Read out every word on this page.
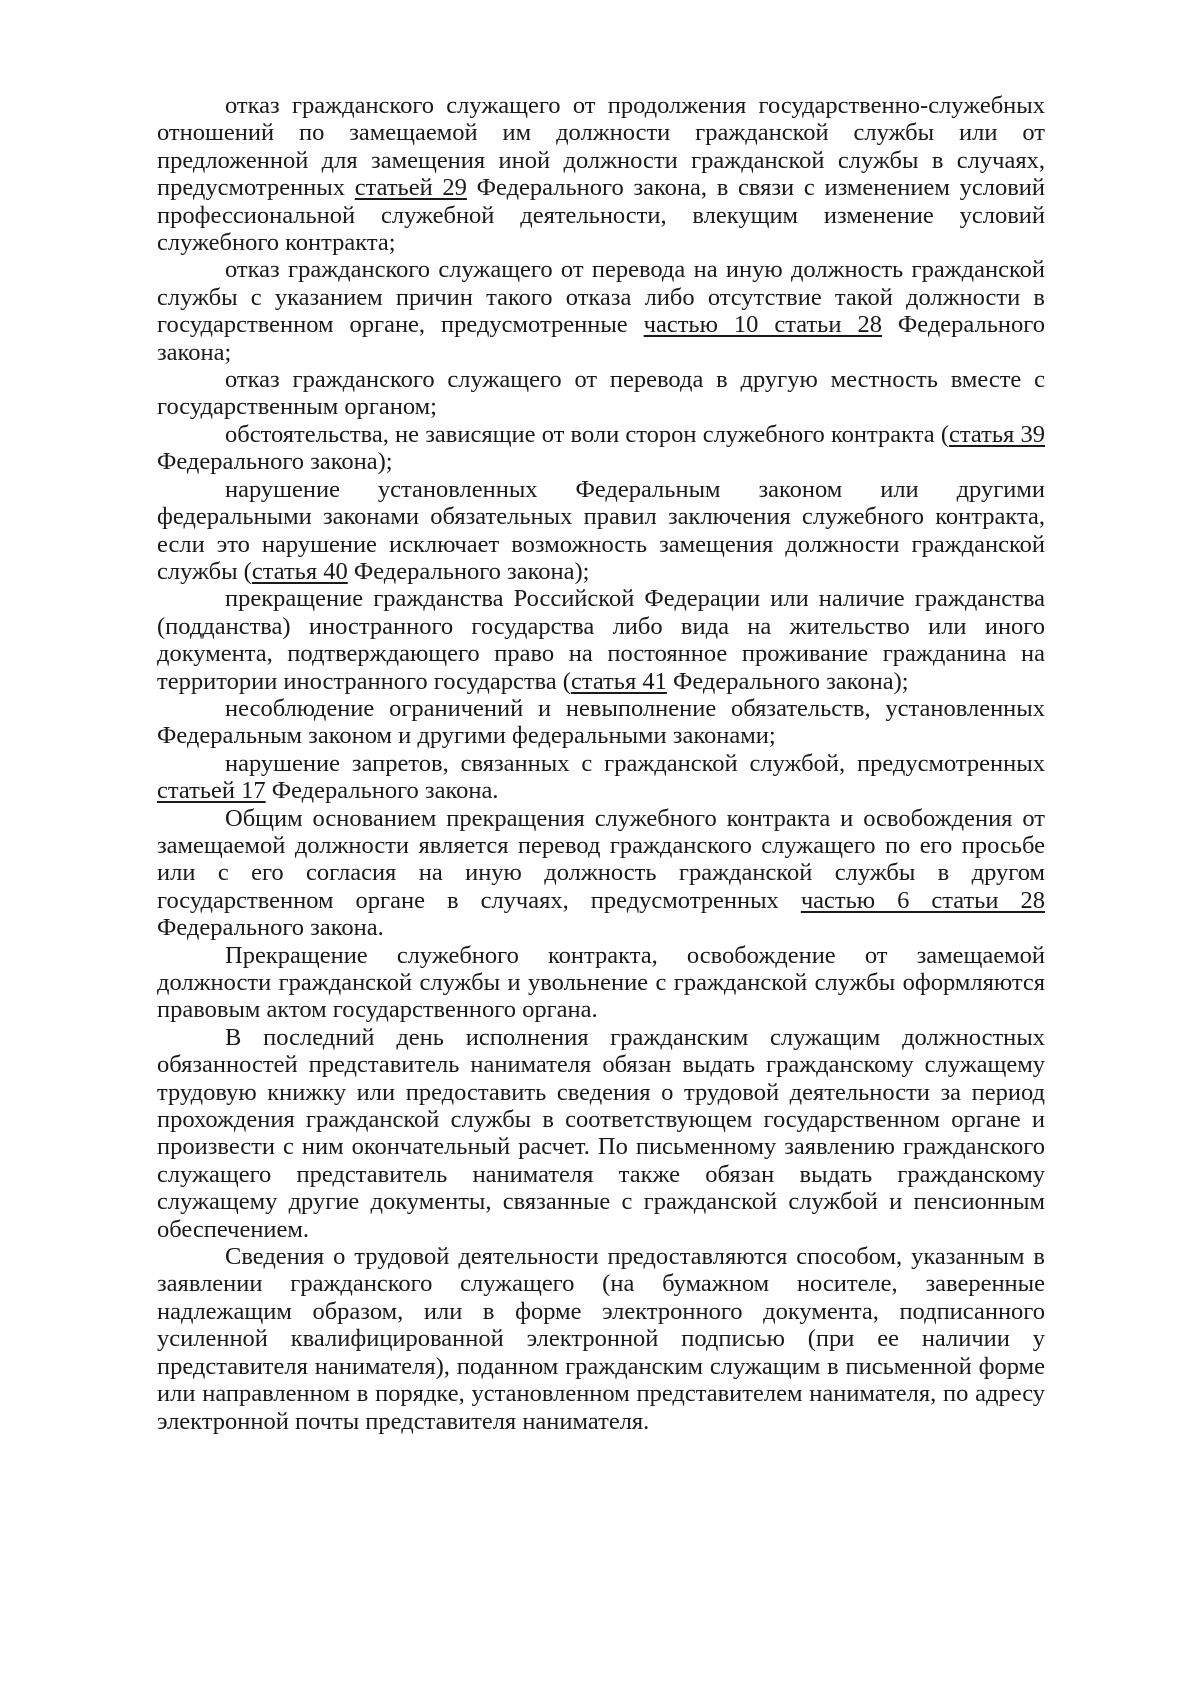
отказ гражданского служащего от продолжения государственно-служебных отношений по замещаемой им должности гражданской службы или от предложенной для замещения иной должности гражданской службы в случаях, предусмотренных статьей 29 Федерального закона, в связи с изменением условий профессиональной служебной деятельности, влекущим изменение условий служебного контракта;

отказ гражданского служащего от перевода на иную должность гражданской службы с указанием причин такого отказа либо отсутствие такой должности в государственном органе, предусмотренные частью 10 статьи 28 Федерального закона;

отказ гражданского служащего от перевода в другую местность вместе с государственным органом;

обстоятельства, не зависящие от воли сторон служебного контракта (статья 39 Федерального закона);

нарушение установленных Федеральным законом или другими федеральными законами обязательных правил заключения служебного контракта, если это нарушение исключает возможность замещения должности гражданской службы (статья 40 Федерального закона);

прекращение гражданства Российской Федерации или наличие гражданства (подданства) иностранного государства либо вида на жительство или иного документа, подтверждающего право на постоянное проживание гражданина на территории иностранного государства (статья 41 Федерального закона);

несоблюдение ограничений и невыполнение обязательств, установленных Федеральным законом и другими федеральными законами;

нарушение запретов, связанных с гражданской службой, предусмотренных статьей 17 Федерального закона.

Общим основанием прекращения служебного контракта и освобождения от замещаемой должности является перевод гражданского служащего по его просьбе или с его согласия на иную должность гражданской службы в другом государственном органе в случаях, предусмотренных частью 6 статьи 28 Федерального закона.

Прекращение служебного контракта, освобождение от замещаемой должности гражданской службы и увольнение с гражданской службы оформляются правовым актом государственного органа.

В последний день исполнения гражданским служащим должностных обязанностей представитель нанимателя обязан выдать гражданскому служащему трудовую книжку или предоставить сведения о трудовой деятельности за период прохождения гражданской службы в соответствующем государственном органе и произвести с ним окончательный расчет. По письменному заявлению гражданского служащего представитель нанимателя также обязан выдать гражданскому служащему другие документы, связанные с гражданской службой и пенсионным обеспечением.

Сведения о трудовой деятельности предоставляются способом, указанным в заявлении гражданского служащего (на бумажном носителе, заверенные надлежащим образом, или в форме электронного документа, подписанного усиленной квалифицированной электронной подписью (при ее наличии у представителя нанимателя), поданном гражданским служащим в письменной форме или направленном в порядке, установленном представителем нанимателя, по адресу электронной почты представителя нанимателя.
